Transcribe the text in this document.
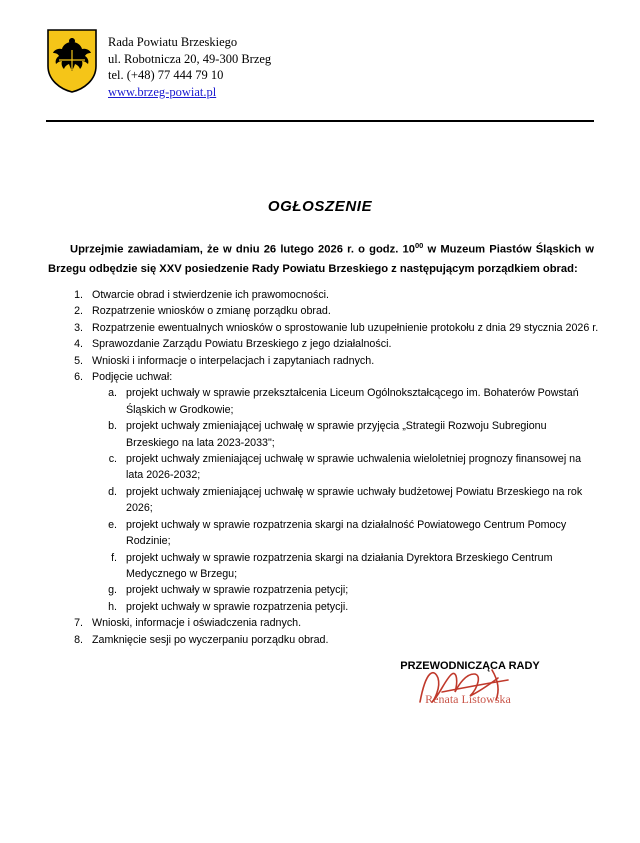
Rada Powiatu Brzeskiego
ul. Robotnicza 20, 49-300 Brzeg
tel. (+48) 77 444 79 10
www.brzeg-powiat.pl
OGŁOSZENIE
Uprzejmie zawiadamiam, że w dniu 26 lutego 2026 r. o godz. $10^{00}$ w Muzeum Piastów Śląskich w Brzegu odbędzie się XXV posiedzenie Rady Powiatu Brzeskiego z następującym porządkiem obrad:
1. Otwarcie obrad i stwierdzenie ich prawomocności.
2. Rozpatrzenie wniosków o zmianę porządku obrad.
3. Rozpatrzenie ewentualnych wniosków o sprostowanie lub uzupełnienie protokołu z dnia 29 stycznia 2026 r.
4. Sprawozdanie Zarządu Powiatu Brzeskiego z jego działalności.
5. Wnioski i informacje o interpelacjach i zapytaniach radnych.
6. Podjęcie uchwał:
a. projekt uchwały w sprawie przekształcenia Liceum Ogólnokształcącego im. Bohaterów Powstań Śląskich w Grodkowie;
b. projekt uchwały zmieniającej uchwałę w sprawie przyjęcia „Strategii Rozwoju Subregionu Brzeskiego na lata 2023-2033";
c. projekt uchwały zmieniającej uchwałę w sprawie uchwalenia wieloletniej prognozy finansowej na lata 2026-2032;
d. projekt uchwały zmieniającej uchwałę w sprawie uchwały budżetowej Powiatu Brzeskiego na rok 2026;
e. projekt uchwały w sprawie rozpatrzenia skargi na działalność Powiatowego Centrum Pomocy Rodzinie;
f. projekt uchwały w sprawie rozpatrzenia skargi na działania Dyrektora Brzeskiego Centrum Medycznego w Brzegu;
g. projekt uchwały w sprawie rozpatrzenia petycji;
h. projekt uchwały w sprawie rozpatrzenia petycji.
7. Wnioski, informacje i oświadczenia radnych.
8. Zamknięcie sesji po wyczerpaniu porządku obrad.
PRZEWODNICZĄCA RADY
Renata Listowska
